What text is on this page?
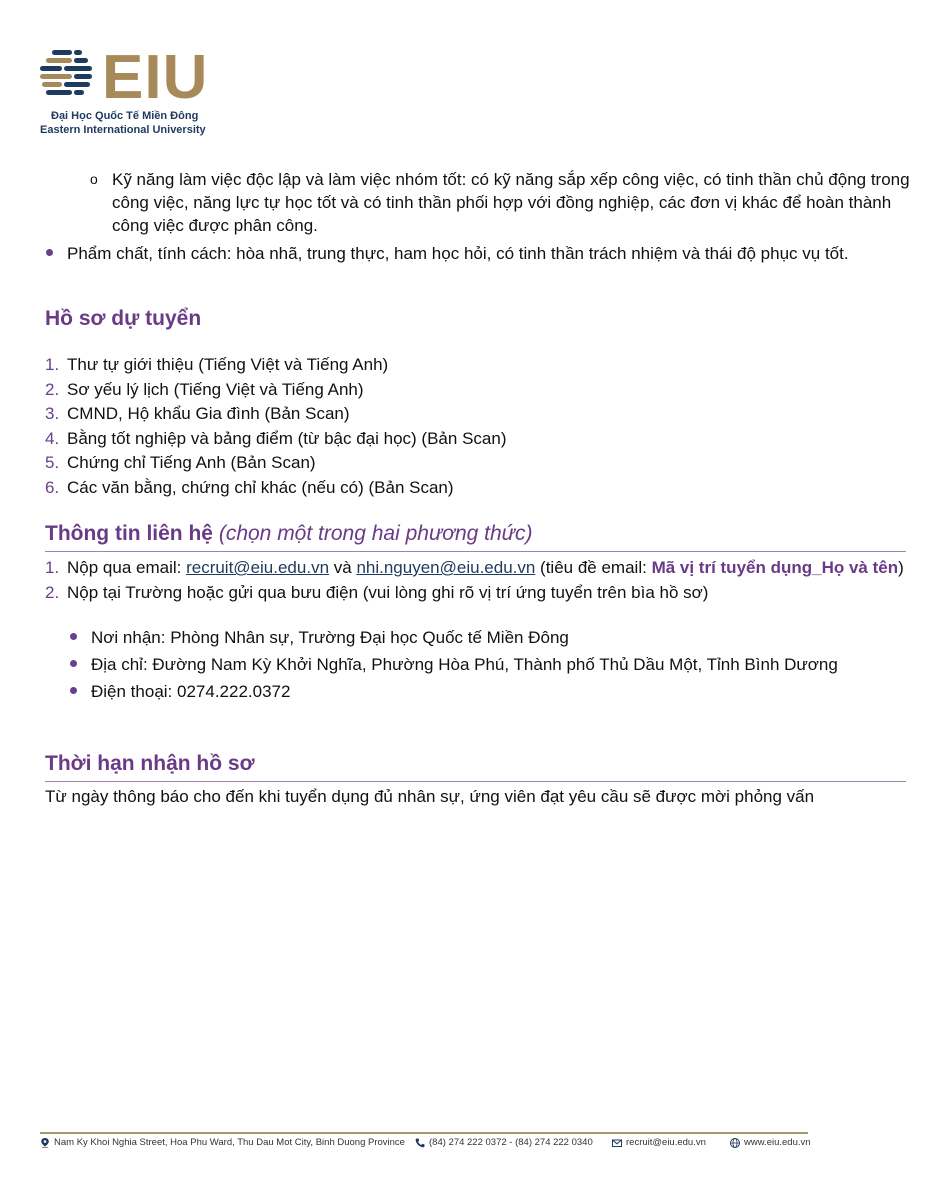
EIU
Đại Học Quốc Tế Miền Đông
Eastern International University
o Kỹ năng làm việc độc lập và làm việc nhóm tốt: có kỹ năng sắp xếp công việc, có tinh thần chủ động trong công việc, năng lực tự học tốt và có tinh thần phối hợp với đồng nghiệp, các đơn vị khác để hoàn thành công việc được phân công.
Phẩm chất, tính cách: hòa nhã, trung thực, ham học hỏi, có tinh thần trách nhiệm và thái độ phục vụ tốt.
Hồ sơ dự tuyển
1. Thư tự giới thiệu (Tiếng Việt và Tiếng Anh)
2. Sơ yếu lý lịch (Tiếng Việt và Tiếng Anh)
3. CMND, Hộ khẩu Gia đình (Bản Scan)
4. Bằng tốt nghiệp và bảng điểm (từ bậc đại học) (Bản Scan)
5. Chứng chỉ Tiếng Anh (Bản Scan)
6. Các văn bằng, chứng chỉ khác (nếu có) (Bản Scan)
Thông tin liên hệ (chọn một trong hai phương thức)
1. Nộp qua email: recruit@eiu.edu.vn và nhi.nguyen@eiu.edu.vn (tiêu đề email: Mã vị trí tuyển dụng_Họ và tên)
2. Nộp tại Trường hoặc gửi qua bưu điện (vui lòng ghi rõ vị trí ứng tuyển trên bìa hồ sơ)
Nơi nhận: Phòng Nhân sự, Trường Đại học Quốc tế Miền Đông
Địa chỉ: Đường Nam Kỳ Khởi Nghĩa, Phường Hòa Phú, Thành phố Thủ Dầu Một, Tỉnh Bình Dương
Điện thoại: 0274.222.0372
Thời hạn nhận hồ sơ
Từ ngày thông báo cho đến khi tuyển dụng đủ nhân sự, ứng viên đạt yêu cầu sẽ được mời phỏng vấn
Nam Ky Khoi Nghia Street, Hoa Phu Ward, Thu Dau Mot City, Binh Duong Province	(84) 274 222 0372 - (84) 274 222 0340	recruit@eiu.edu.vn	www.eiu.edu.vn
